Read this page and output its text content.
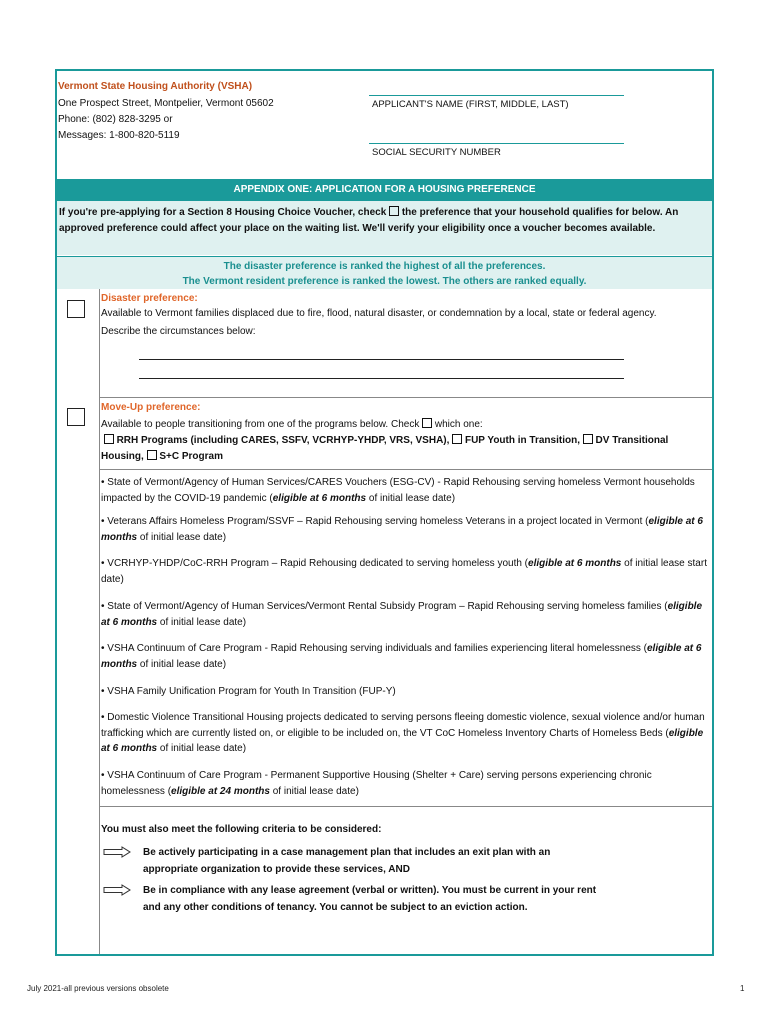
Vermont State Housing Authority (VSHA)
One Prospect Street, Montpelier, Vermont 05602
Phone: (802) 828-3295 or
Messages: 1-800-820-5119
APPLICANT'S NAME (FIRST, MIDDLE, LAST)
SOCIAL SECURITY NUMBER
APPENDIX ONE: APPLICATION FOR A HOUSING PREFERENCE
If you're pre-applying for a Section 8 Housing Choice Voucher, check  the preference that your household qualifies for below. An approved preference could affect your place on the waiting list. We'll verify your eligibility once a voucher becomes available.
The disaster preference is ranked the highest of all the preferences.
The Vermont resident preference is ranked the lowest. The others are ranked equally.
Disaster preference:
Available to Vermont families displaced due to fire, flood, natural disaster, or condemnation by a local, state or federal agency.
Describe the circumstances below:
Move-Up preference:
Available to people transitioning from one of the programs below. Check  which one:
RRH Programs (including CARES, SSFV, VCRHYP-YHDP, VRS, VSHA),  FUP Youth in Transition,  DV Transitional Housing,  S+C Program
• State of Vermont/Agency of Human Services/CARES Vouchers (ESG-CV) - Rapid Rehousing serving homeless Vermont households impacted by the COVID-19 pandemic (eligible at 6 months of initial lease date)
• Veterans Affairs Homeless Program/SSVF – Rapid Rehousing serving homeless Veterans in a project located in Vermont (eligible at 6 months of initial lease date)
• VCRHYP-YHDP/CoC-RRH Program – Rapid Rehousing dedicated to serving homeless youth (eligible at 6 months of initial lease start date)
• State of Vermont/Agency of Human Services/Vermont Rental Subsidy Program – Rapid Rehousing serving homeless families (eligible at 6 months of initial lease date)
• VSHA Continuum of Care Program - Rapid Rehousing serving individuals and families experiencing literal homelessness (eligible at 6 months of initial lease date)
• VSHA Family Unification Program for Youth In Transition (FUP-Y)
• Domestic Violence Transitional Housing projects dedicated to serving persons fleeing domestic violence, sexual violence and/or human trafficking which are currently listed on, or eligible to be included on, the VT CoC Homeless Inventory Charts of Homeless Beds (eligible at 6 months of initial lease date)
• VSHA Continuum of Care Program - Permanent Supportive Housing (Shelter + Care) serving persons experiencing chronic homelessness (eligible at 24 months of initial lease date)
You must also meet the following criteria to be considered:
Be actively participating in a case management plan that includes an exit plan with an appropriate organization to provide these services, AND
Be in compliance with any lease agreement (verbal or written). You must be current in your rent and any other conditions of tenancy. You cannot be subject to an eviction action.
July 2021-all previous versions obsolete	1
